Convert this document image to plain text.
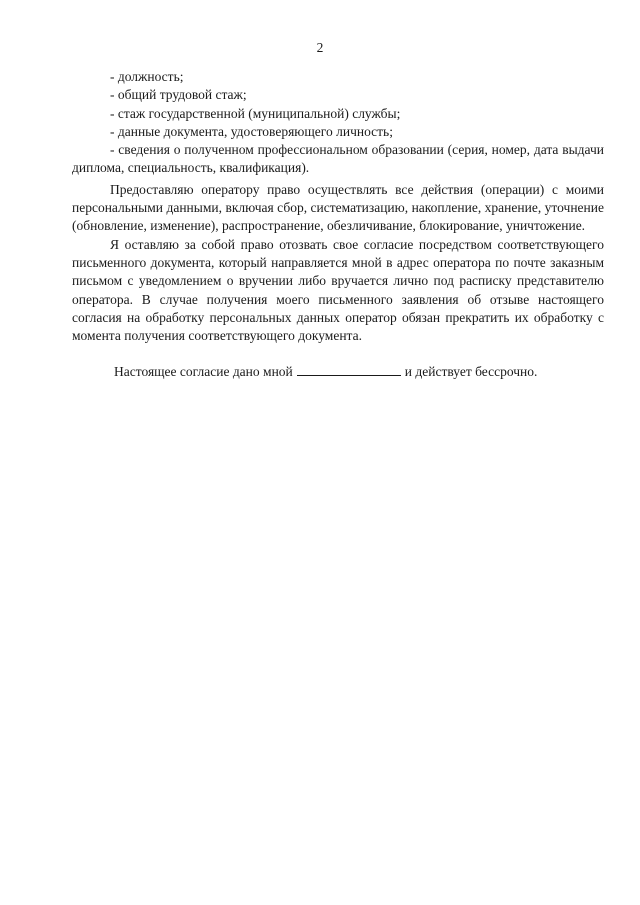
2

- должность;

- общий трудовой стаж;

- стаж государственной (муниципальной) службы;

- данные документа, удостоверяющего личность;

- сведения о полученном профессиональном образовании (серия, номер, дата выдачи диплома, специальность, квалификация).

Предоставляю оператору право осуществлять все действия (операции) с моими персональными данными, включая сбор, систематизацию, накопление, хранение, уточнение (обновление, изменение), распространение, обезличивание, блокирование, уничтожение.

Я оставляю за собой право отозвать свое согласие посредством соответствующего письменного документа, который направляется мной в адрес оператора по почте заказным письмом с уведомлением о вручении либо вручается лично под расписку представителю оператора. В случае получения моего письменного заявления об отзыве настоящего согласия на обработку персональных данных оператор обязан прекратить их обработку с момента получения соответствующего документа.

Настоящее согласие дано мной	и действует бессрочно.
